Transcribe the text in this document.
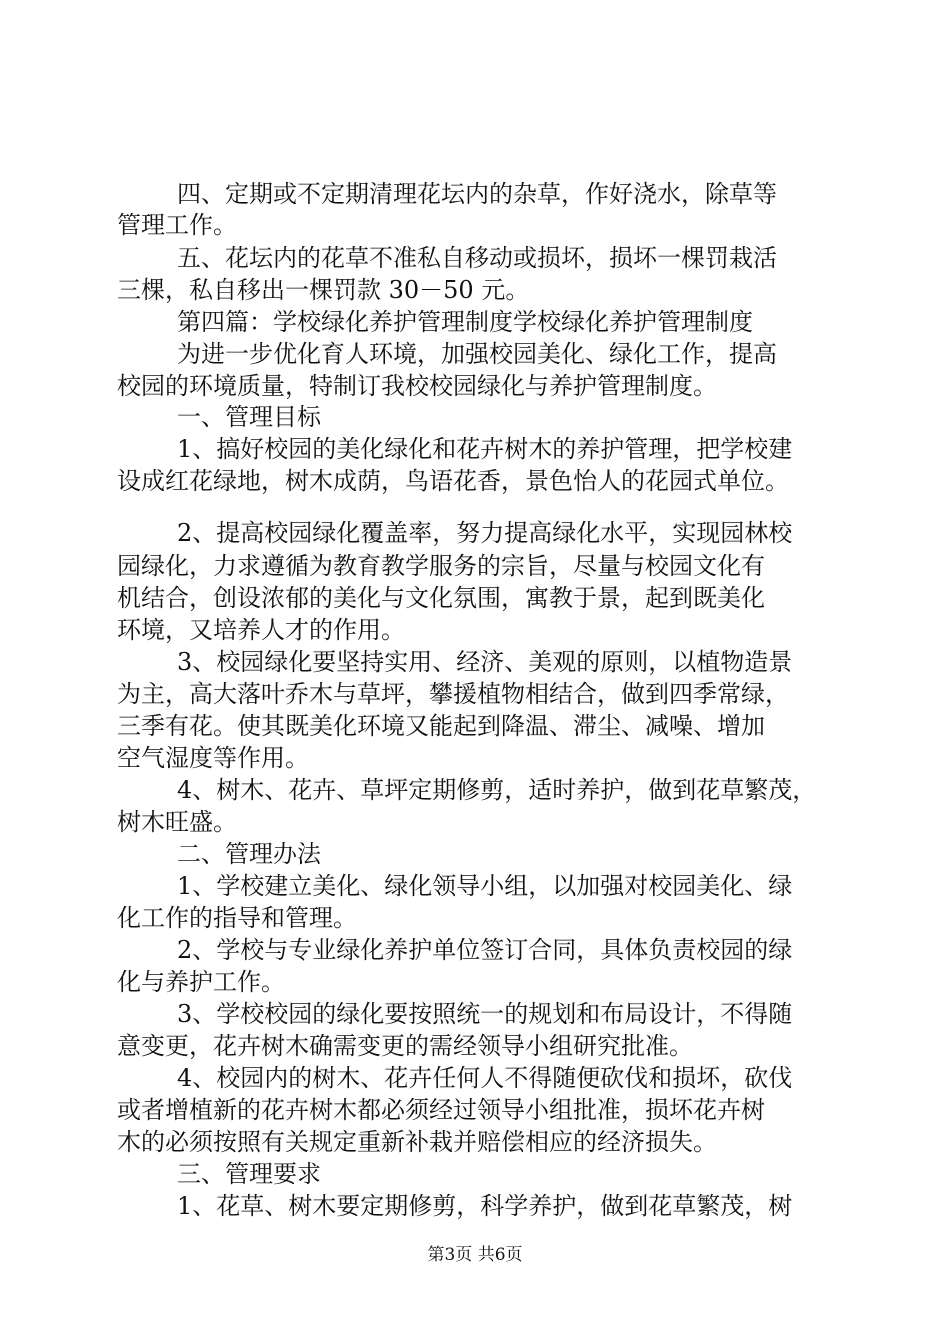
四、定期或不定期清理花坛内的杂草，作好浇水，除草等
管理工作。
五、花坛内的花草不准私自移动或损坏，损坏一棵罚栽活
三棵，私自移出一棵罚款 30－50 元。
第四篇：学校绿化养护管理制度学校绿化养护管理制度
为进一步优化育人环境，加强校园美化、绿化工作，提高
校园的环境质量，特制订我校校园绿化与养护管理制度。
一、管理目标
1、搞好校园的美化绿化和花卉树木的养护管理，把学校建
设成红花绿地，树木成荫，鸟语花香，景色怡人的花园式单位。
2、提高校园绿化覆盖率，努力提高绿化水平，实现园林校
园绿化，力求遵循为教育教学服务的宗旨，尽量与校园文化有
机结合，创设浓郁的美化与文化氛围，寓教于景，起到既美化
环境，又培养人才的作用。
3、校园绿化要坚持实用、经济、美观的原则，以植物造景
为主，高大落叶乔木与草坪，攀援植物相结合，做到四季常绿，
三季有花。使其既美化环境又能起到降温、滞尘、减噪、增加
空气湿度等作用。
4、树木、花卉、草坪定期修剪，适时养护，做到花草繁茂，
树木旺盛。
二、管理办法
1、学校建立美化、绿化领导小组，以加强对校园美化、绿
化工作的指导和管理。
2、学校与专业绿化养护单位签订合同，具体负责校园的绿
化与养护工作。
3、学校校园的绿化要按照统一的规划和布局设计，不得随
意变更，花卉树木确需变更的需经领导小组研究批准。
4、校园内的树木、花卉任何人不得随便砍伐和损坏，砍伐
或者增植新的花卉树木都必须经过领导小组批准，损坏花卉树
木的必须按照有关规定重新补栽并赔偿相应的经济损失。
三、管理要求
1、花草、树木要定期修剪，科学养护，做到花草繁茂，树
第3页 共6页
